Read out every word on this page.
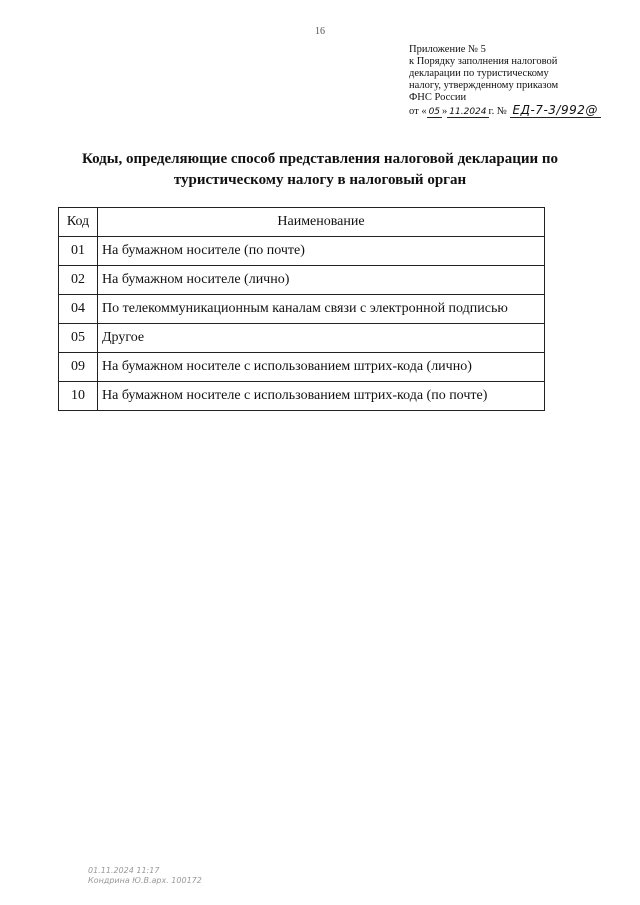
16
Приложение № 5
к Порядку заполнения налоговой
декларации по туристическому
налогу, утвержденному приказом
ФНС России
от « 05 » 11.2024 г. № ЕД-7-3/992@
Коды, определяющие способ представления налоговой декларации по
туристическому налогу в налоговый орган
Код	Наименование
01	На бумажном носителе (по почте)
02	На бумажном носителе (лично)
04	По телекоммуникационным каналам связи с электронной подписью
05	Другое
09	На бумажном носителе с использованием штрих-кода (лично)
10	На бумажном носителе с использованием штрих-кода (по почте)
01.11.2024 11:17
Кондрина Ю.В.арх. 100172
